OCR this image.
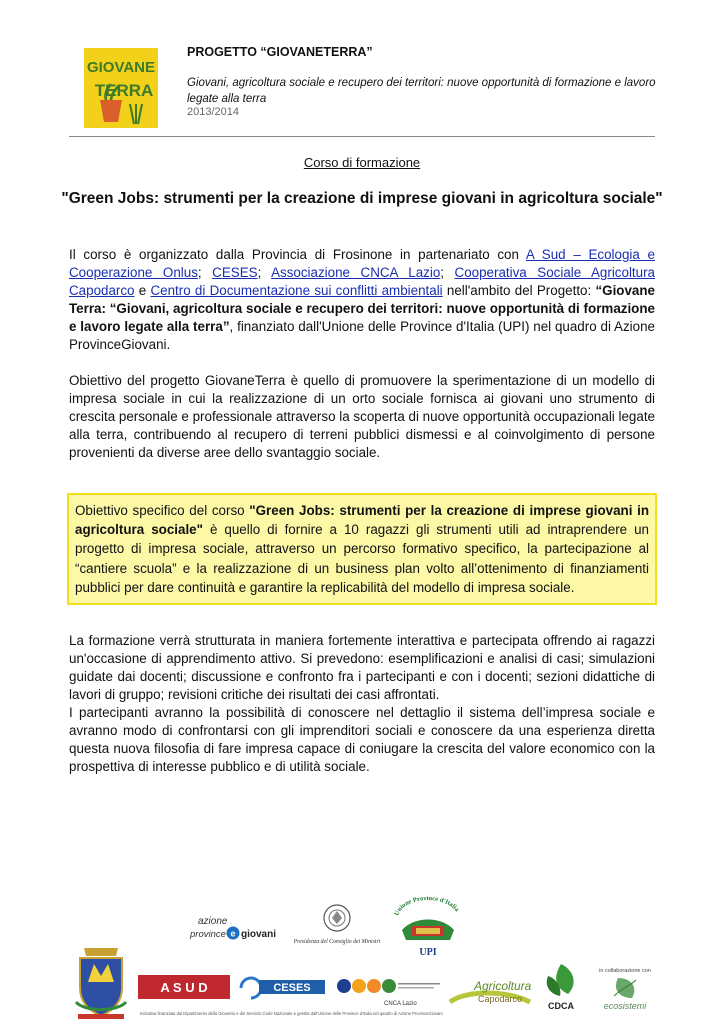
GIOVANE
TERRA
PROGETTO “GIOVANETERRA”
Giovani, agricoltura sociale e recupero dei territori: nuove opportunità di formazione e lavoro legate alla terra
2013/2014
Corso di formazione
"Green Jobs: strumenti per la creazione di imprese giovani in agricoltura sociale"
Il corso è organizzato dalla Provincia di Frosinone in partenariato con A Sud – Ecologia e Cooperazione Onlus; CESES; Associazione CNCA Lazio; Cooperativa Sociale Agricoltura Capodarco e Centro di Documentazione sui conflitti ambientali nell'ambito del Progetto: “Giovane Terra: “Giovani, agricoltura sociale e recupero dei territori: nuove opportunità di formazione e lavoro legate alla terra”, finanziato dall'Unione delle Province d'Italia (UPI) nel quadro di Azione ProvinceGiovani.
Obiettivo del progetto GiovaneTerra è quello di promuovere la sperimentazione di un modello di impresa sociale in cui la realizzazione di un orto sociale fornisca ai giovani uno strumento di crescita personale e professionale attraverso la scoperta di nuove opportunità occupazionali legate alla terra, contribuendo al recupero di terreni pubblici dismessi e al coinvolgimento di persone provenienti da diverse aree dello svantaggio sociale.
Obiettivo specifico del corso "Green Jobs: strumenti per la creazione di imprese giovani in agricoltura sociale" è quello di fornire a 10 ragazzi gli strumenti utili ad intraprendere un progetto di impresa sociale, attraverso un percorso formativo specifico, la partecipazione al “cantiere scuola” e la realizzazione di un business plan volto all’ottenimento di finanziamenti pubblici per dare continuità e garantire la replicabilità del modello di impresa sociale.
La formazione verrà strutturata in maniera fortemente interattiva e partecipata offrendo ai ragazzi un'occasione di apprendimento attivo. Si prevedono: esemplificazioni e analisi di casi; simulazioni guidate dai docenti; discussione e confronto fra i partecipanti e con i docenti; sezioni didattiche di lavori di gruppo; revisioni critiche dei risultati dei casi affrontati.
I partecipanti avranno la possibilità di conoscere nel dettaglio il sistema dell’impresa sociale e avranno modo di confrontarsi con gli imprenditori sociali e conoscere da una esperienza diretta questa nuova filosofia di fare impresa capace di coniugare la crescita del valore economico con la prospettiva di interesse pubblico e di utilità sociale.
azione
province e giovani
Presidenza del Consiglio dei Ministri
Unione Province d'Italia
UPI
A S U D	CESES
CNCA Lazio
Agricoltura
Capodarco
CDCA
in collaborazione con
ecosistemi
Iniziativa finanziata dal Dipartimento della Gioventù e del Servizio Civile Nazionale e gestita dall'Unione delle Province d'Italia nel quadro di Azione ProvinceGiovani
